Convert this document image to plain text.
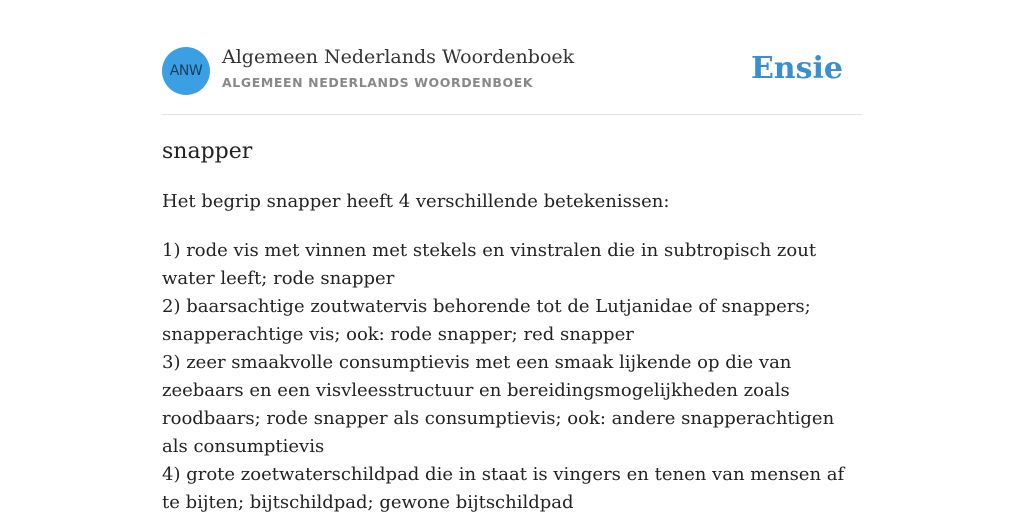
ANW
Algemeen Nederlands Woordenboek
ALGEMEEN NEDERLANDS WOORDENBOEK	Ensie
snapper

Het begrip snapper heeft 4 verschillende betekenissen:

1) rode vis met vinnen met stekels en vinstralen die in subtropisch zout water leeft; rode snapper
2) baarsachtige zoutwatervis behorende tot de Lutjanidae of snappers; snapperachtige vis; ook: rode snapper; red snapper
3) zeer smaakvolle consumptievis met een smaak lijkende op die van zeebaars en een visvleesstructuur en bereidingsmogelijkheden zoals roodbaars; rode snapper als consumptievis; ook: andere snapperachtigen als consumptievis
4) grote zoetwaterschildpad die in staat is vingers en tenen van mensen af te bijten; bijtschildpad; gewone bijtschildpad
